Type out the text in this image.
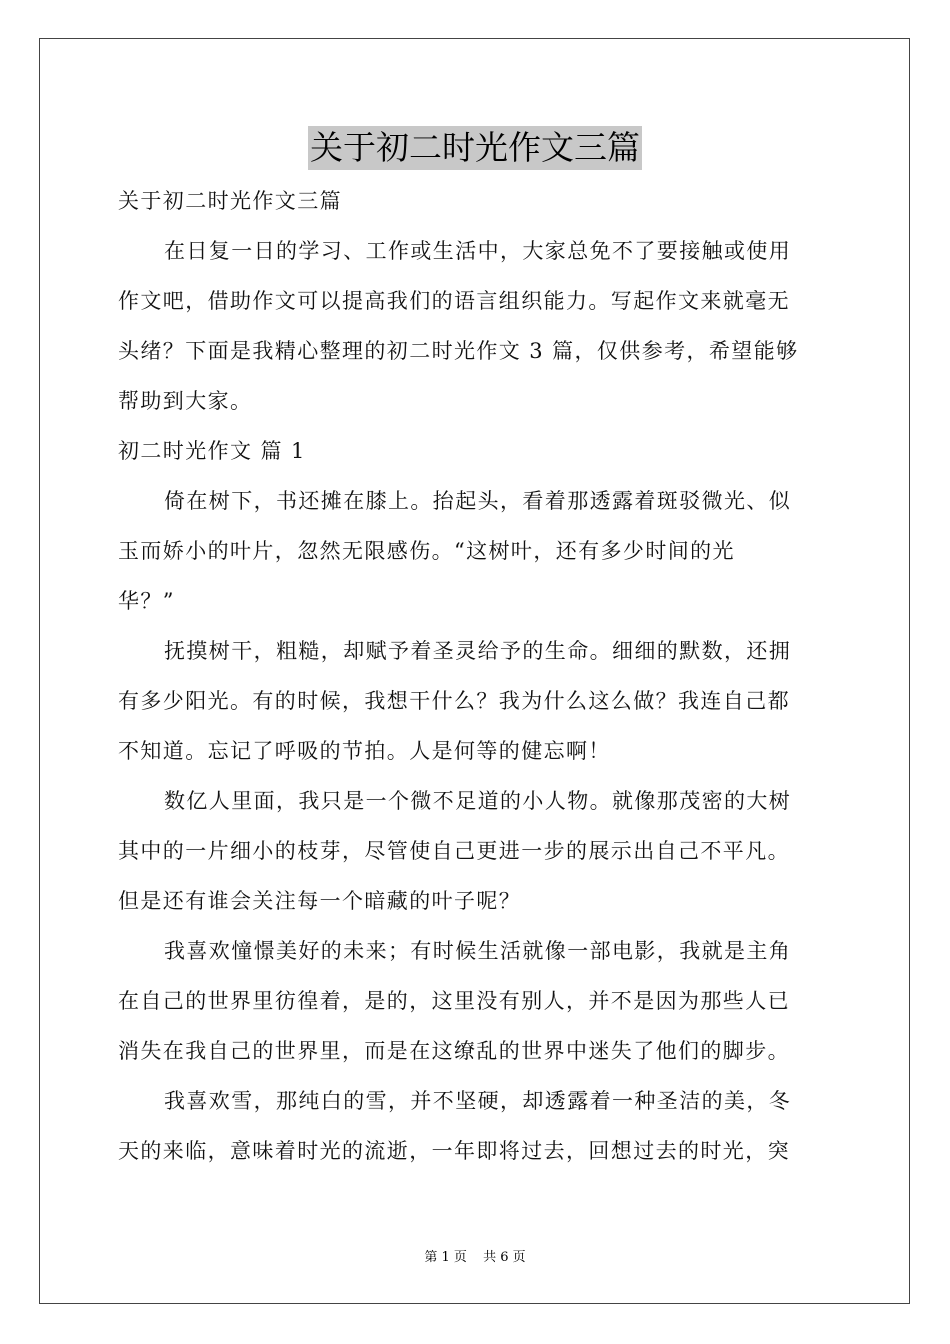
关于初二时光作文三篇
关于初二时光作文三篇
在日复一日的学习、工作或生活中，大家总免不了要接触或使用
作文吧，借助作文可以提高我们的语言组织能力。写起作文来就毫无
头绪？下面是我精心整理的初二时光作文 3 篇，仅供参考，希望能够
帮助到大家。
初二时光作文 篇 1
倚在树下，书还摊在膝上。抬起头，看着那透露着斑驳微光、似
玉而娇小的叶片，忽然无限感伤。“这树叶，还有多少时间的光
华？”
抚摸树干，粗糙，却赋予着圣灵给予的生命。细细的默数，还拥
有多少阳光。有的时候，我想干什么？我为什么这么做？我连自己都
不知道。忘记了呼吸的节拍。人是何等的健忘啊！
数亿人里面，我只是一个微不足道的小人物。就像那茂密的大树
其中的一片细小的枝芽，尽管使自己更进一步的展示出自己不平凡。
但是还有谁会关注每一个暗藏的叶子呢？
我喜欢憧憬美好的未来；有时候生活就像一部电影，我就是主角
在自己的世界里彷徨着，是的，这里没有别人，并不是因为那些人已
消失在我自己的世界里，而是在这缭乱的世界中迷失了他们的脚步。
我喜欢雪，那纯白的雪，并不坚硬，却透露着一种圣洁的美，冬
天的来临，意味着时光的流逝，一年即将过去，回想过去的时光，突
第 1 页 共 6 页
